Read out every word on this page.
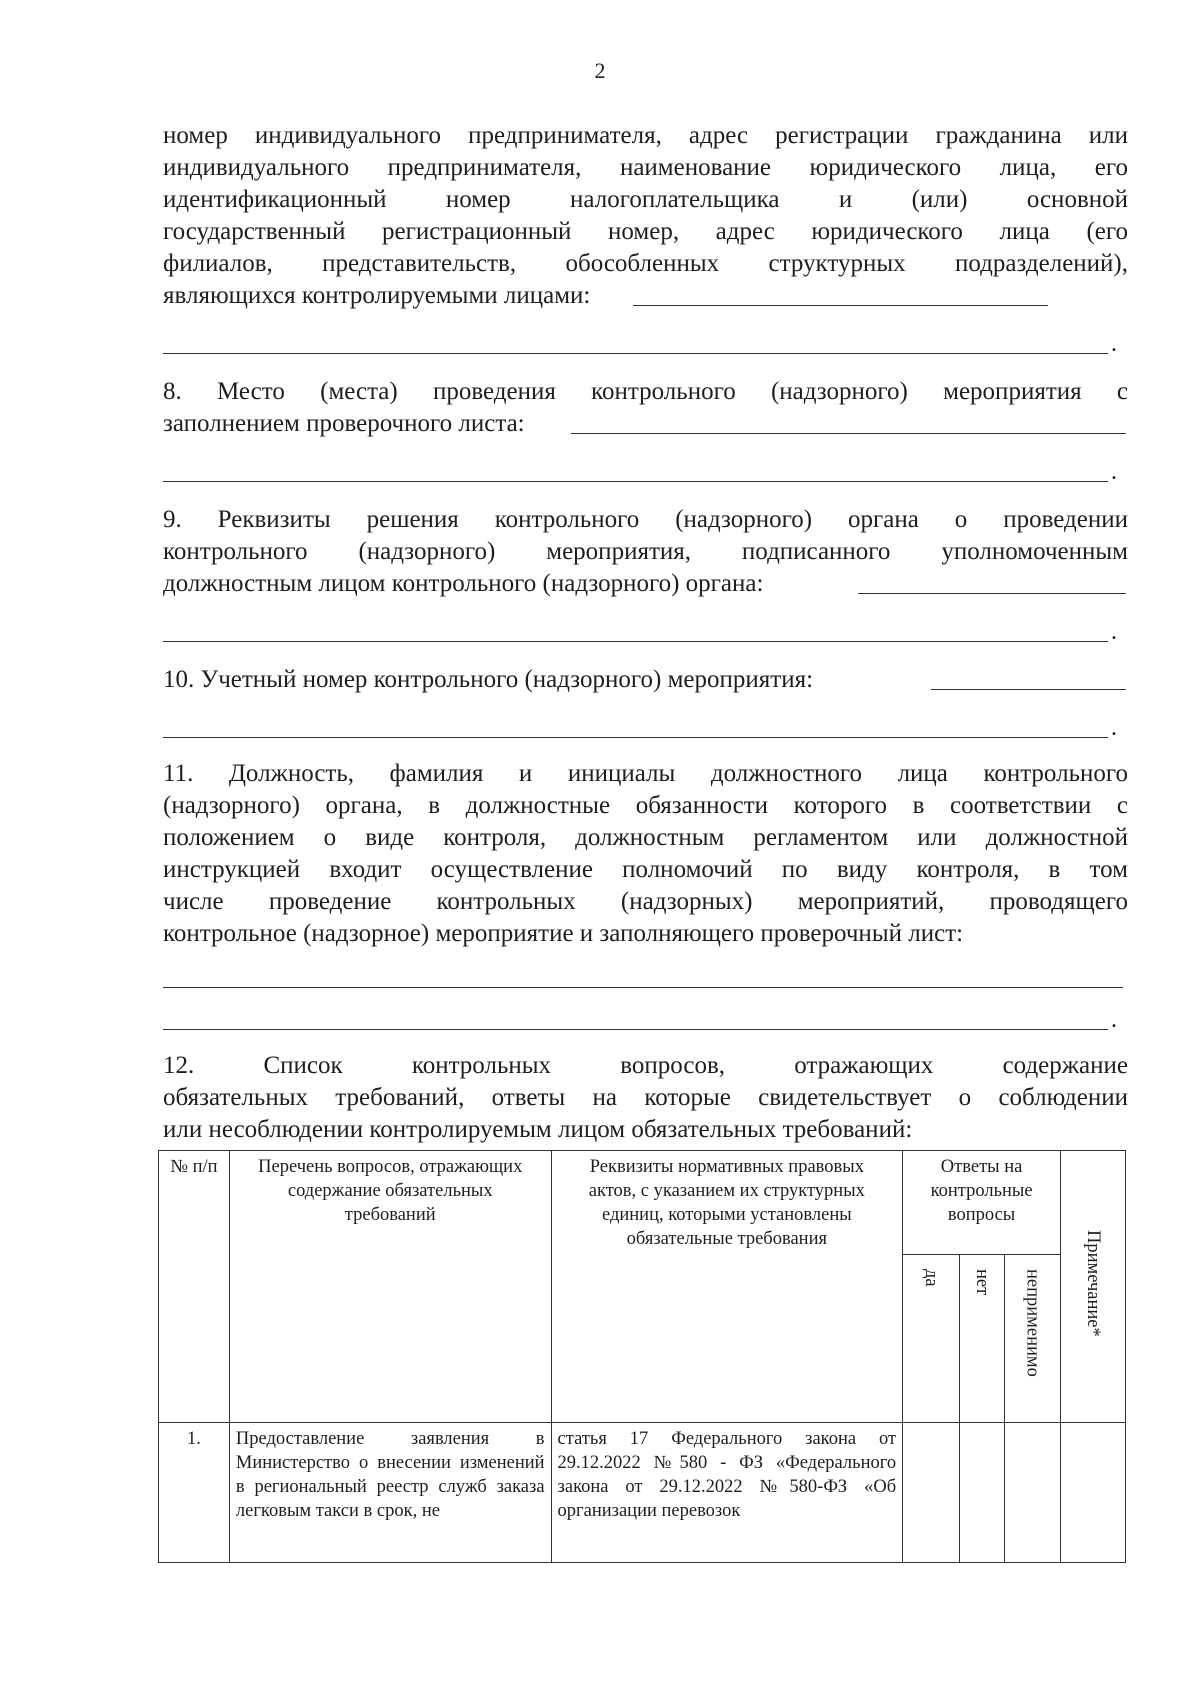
2

номер индивидуального предпринимателя, адрес регистрации гражданина или

индивидуального предпринимателя, наименование юридического лица, его

идентификационный номер налогоплательщика и (или) основной

государственный регистрационный номер, адрес юридического лица (его

филиалов, представительств, обособленных структурных подразделений),

являющихся контролируемыми лицами:

.

8. Место (места) проведения контрольного (надзорного) мероприятия с

заполнением проверочного листа:

.

9. Реквизиты решения контрольного (надзорного) органа о проведении

контрольного (надзорного) мероприятия, подписанного уполномоченным

должностным лицом контрольного (надзорного) органа:

.

10. Учетный номер контрольного (надзорного) мероприятия:

.

11. Должность, фамилия и инициалы должностного лица контрольного

(надзорного) органа, в должностные обязанности которого в соответствии с

положением о виде контроля, должностным регламентом или должностной

инструкцией входит осуществление полномочий по виду контроля, в том

числе проведение контрольных (надзорных) мероприятий, проводящего

контрольное (надзорное) мероприятие и заполняющего проверочный лист:

.

12. Список контрольных вопросов, отражающих содержание

обязательных требований, ответы на которые свидетельствует о соблюдении

или несоблюдении контролируемым лицом обязательных требований:

№ п/п	Перечень вопросов, отражающих содержание обязательных требований	Реквизиты нормативных правовых актов, с указанием их структурных единиц, которыми установлены обязательные требования	Ответы на контрольные вопросы			Примечание*
			да	нет	неприменимо	
1.	Предоставление заявления в Министерство о внесении изменений в региональный реестр служб заказа легковым такси в срок, не	статья 17 Федерального закона от 29.12.2022 №580 - ФЗ «Федерального закона от 29.12.2022 №580-ФЗ «Об организации перевозок				
